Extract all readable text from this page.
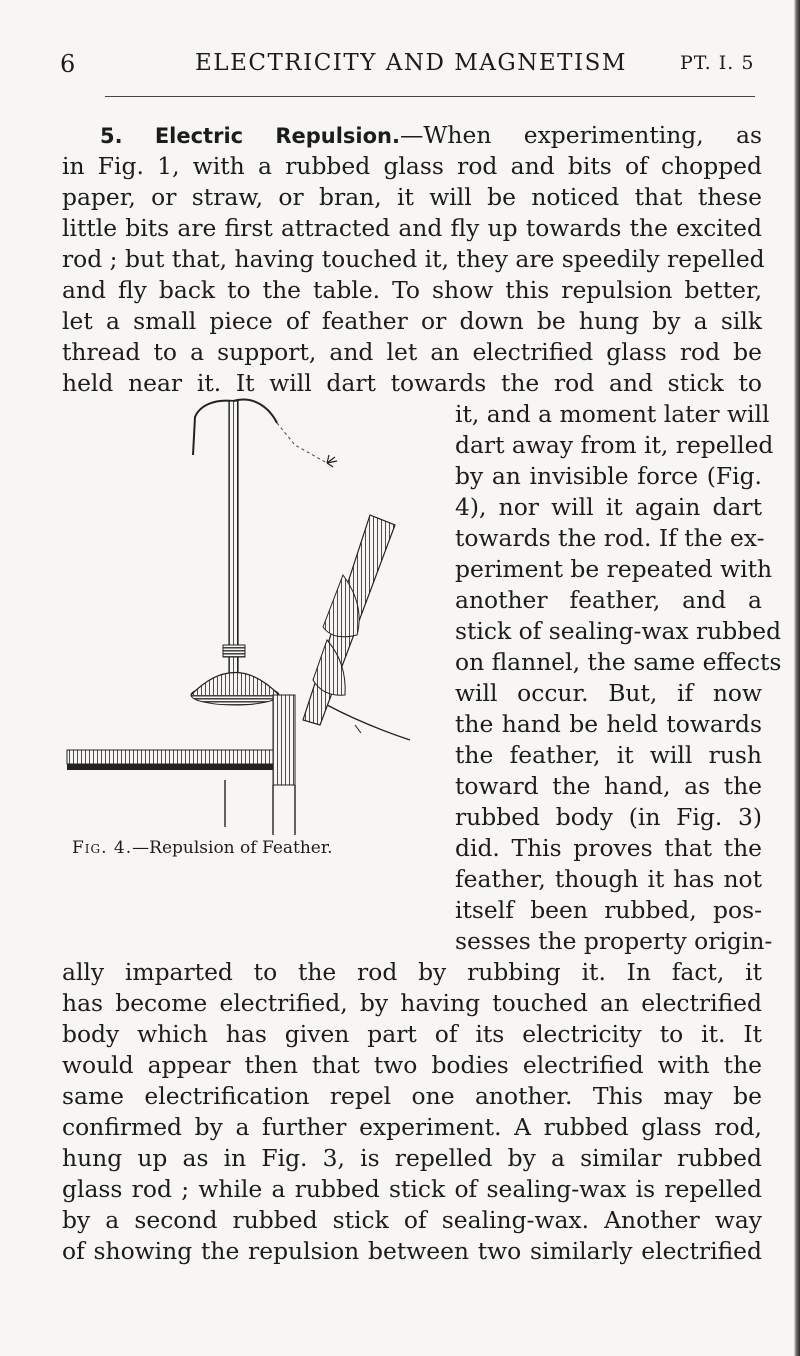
6	ELECTRICITY AND MAGNETISM	PT. I. 5
5. Electric Repulsion.—When experimenting, as
in Fig. 1, with a rubbed glass rod and bits of chopped
paper, or straw, or bran, it will be noticed that these
little bits are first attracted and fly up towards the excited
rod ; but that, having touched it, they are speedily repelled
and fly back to the table. To show this repulsion better,
let a small piece of feather or down be hung by a silk
thread to a support, and let an electrified glass rod be
held near it. It will dart towards the rod and stick to
it, and a moment later will
dart away from it, repelled
by an invisible force (Fig.
4), nor will it again dart
towards the rod. If the ex-
periment be repeated with
another feather, and a
stick of sealing-wax rubbed
on flannel, the same effects
will occur. But, if now
the hand be held towards
the feather, it will rush
toward the hand, as the
rubbed body (in Fig. 3)
did. This proves that the
feather, though it has not
itself been rubbed, pos-
sesses the property origin-
ally imparted to the rod by rubbing it. In fact, it
has become electrified, by having touched an electrified
body which has given part of its electricity to it. It
would appear then that two bodies electrified with the
same electrification repel one another. This may be
confirmed by a further experiment. A rubbed glass rod,
hung up as in Fig. 3, is repelled by a similar rubbed
glass rod ; while a rubbed stick of sealing-wax is repelled
by a second rubbed stick of sealing-wax. Another way
of showing the repulsion between two similarly electrified
Fig. 4.—Repulsion of Feather.
